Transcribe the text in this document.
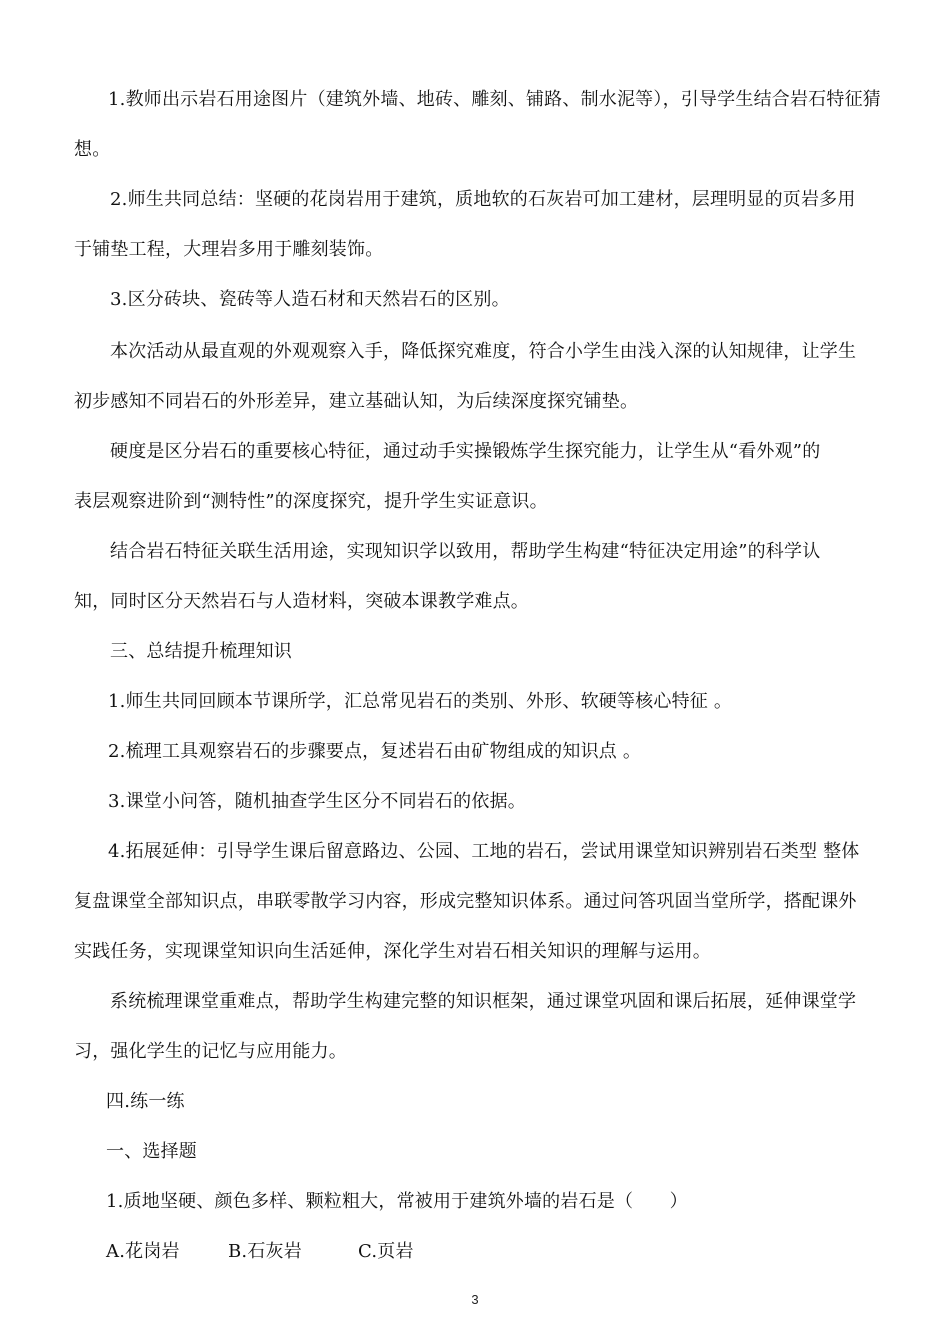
1.教师出示岩石用途图片（建筑外墙、地砖、雕刻、铺路、制水泥等），引导学生结合岩石特征猜
想。
2.师生共同总结：坚硬的花岗岩用于建筑，质地软的石灰岩可加工建材，层理明显的页岩多用
于铺垫工程，大理岩多用于雕刻装饰。
3.区分砖块、瓷砖等人造石材和天然岩石的区别。
本次活动从最直观的外观观察入手，降低探究难度，符合小学生由浅入深的认知规律，让学生
初步感知不同岩石的外形差异，建立基础认知，为后续深度探究铺垫。
硬度是区分岩石的重要核心特征，通过动手实操锻炼学生探究能力，让学生从“看外观”的
表层观察进阶到“测特性”的深度探究，提升学生实证意识。
结合岩石特征关联生活用途，实现知识学以致用，帮助学生构建“特征决定用途”的科学认
知，同时区分天然岩石与人造材料，突破本课教学难点。
三、总结提升梳理知识
1.师生共同回顾本节课所学，汇总常见岩石的类别、外形、软硬等核心特征 。
2.梳理工具观察岩石的步骤要点，复述岩石由矿物组成的知识点 。
3.课堂小问答，随机抽查学生区分不同岩石的依据。
4.拓展延伸：引导学生课后留意路边、公园、工地的岩石，尝试用课堂知识辨别岩石类型 整体
复盘课堂全部知识点，串联零散学习内容，形成完整知识体系。通过问答巩固当堂所学，搭配课外
实践任务，实现课堂知识向生活延伸，深化学生对岩石相关知识的理解与运用。
系统梳理课堂重难点，帮助学生构建完整的知识框架，通过课堂巩固和课后拓展，延伸课堂学
习，强化学生的记忆与应用能力。
四.练一练
一、选择题
1.质地坚硬、颜色多样、颗粒粗大，常被用于建筑外墙的岩石是（　　）
A.花岗岩	B.石灰岩	C.页岩
3
